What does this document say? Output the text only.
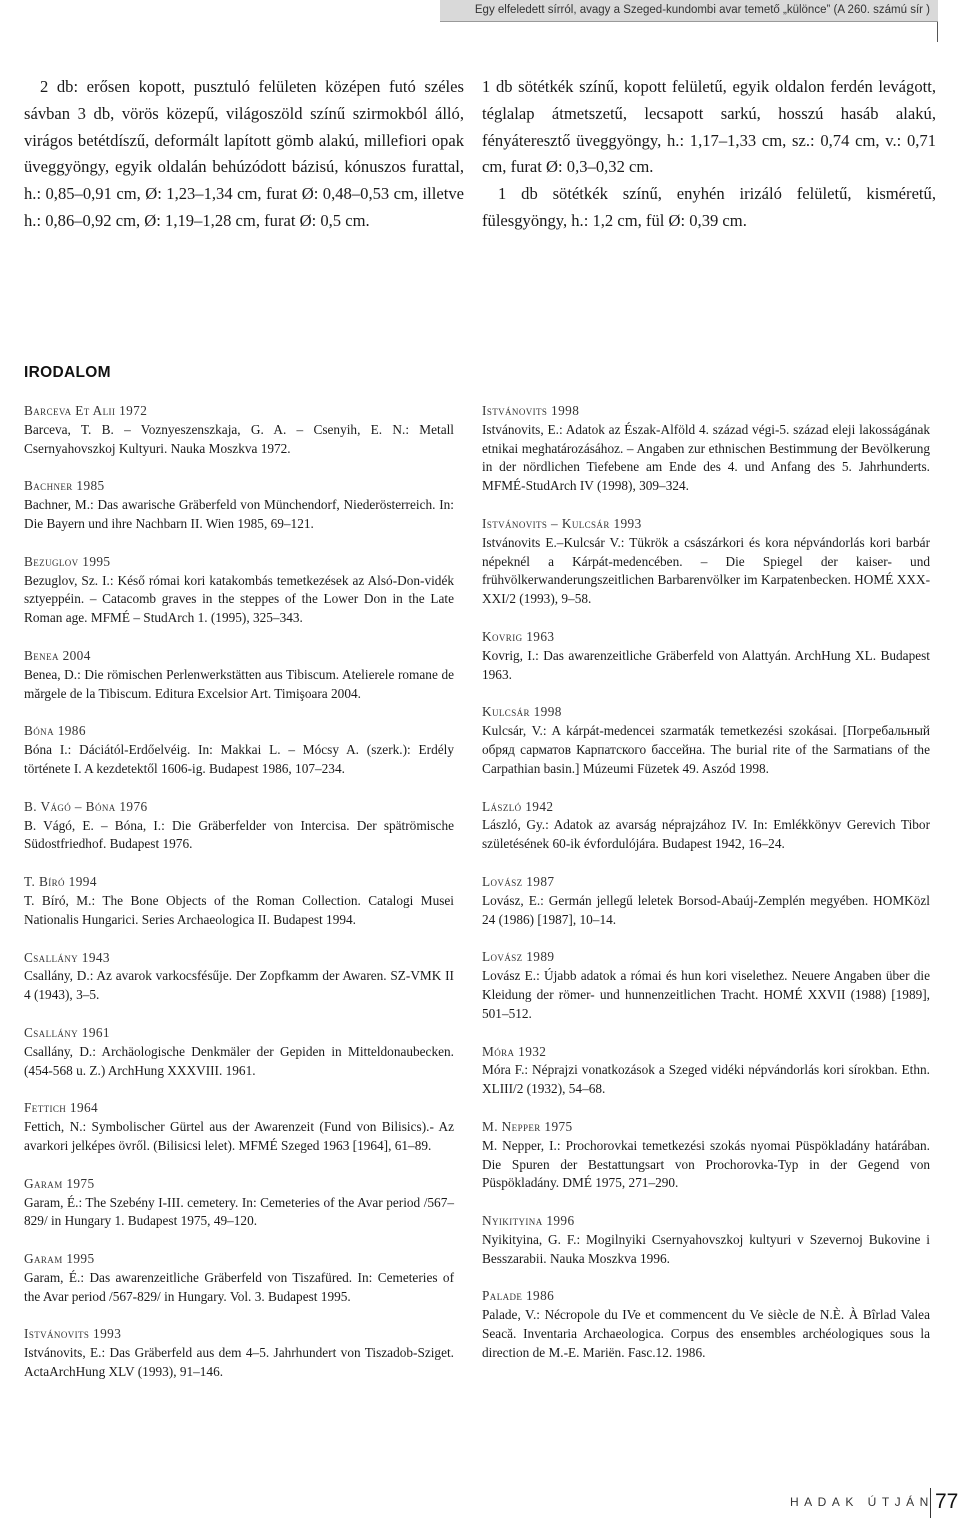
Egy elfeledett sírról, avagy a Szeged-kundombi avar temető „különce” (A 260. számú sír )

2 db: erősen kopott, pusztuló felületen középen futó széles sávban 3 db, vörös közepű, világoszöld színű szirmokból álló, virágos betétdíszű, deformált lapított gömb alakú, millefiori opak üveggyöngy, egyik oldalán behúzódott bázisú, kónuszos furattal, h.: 0,85–0,91 cm, Ø: 1,23–1,34 cm, furat Ø: 0,48–0,53 cm, illetve h.: 0,86–0,92 cm, Ø: 1,19–1,28 cm, furat Ø: 0,5 cm.

1 db sötétkék színű, kopott felületű, egyik oldalon ferdén levágott, téglalap átmetszetű, lecsapott sarkú, hosszú hasáb alakú, fényáteresztő üveggyöngy, h.: 1,17–1,33 cm, sz.: 0,74 cm, v.: 0,71 cm, furat Ø: 0,3–0,32 cm.

1 db sötétkék színű, enyhén irizáló felületű, kisméretű, fülesgyöngy, h.: 1,2 cm, fül Ø: 0,39 cm.

IRODALOM

Barceva Et Alii 1972

Barceva, T. B. – Voznyeszenszkaja, G. A. – Csenyih, E. N.: Metall Csernyahovszkoj Kultyuri. Nauka Moszkva 1972.

Bachner 1985

Bachner, M.: Das awarische Gräberfeld von Münchendorf, Niederösterreich. In: Die Bayern und ihre Nachbarn II. Wien 1985, 69–121.

Bezuglov 1995

Bezuglov, Sz. I.: Késő római kori katakombás temetkezések az Alsó-Don-vidék sztyeppéin. – Catacomb graves in the steppes of the Lower Don in the Late Roman age. MFMÉ – StudArch 1. (1995), 325–343.

Benea 2004

Benea, D.: Die römischen Perlenwerkstätten aus Tibiscum. Atelierele romane de mărgele de la Tibiscum. Editura Excelsior Art. Timişoara 2004.

Bóna 1986

Bóna I.: Dáciától-Erdőelvéig. In: Makkai L. – Mócsy A. (szerk.): Erdély története I. A kezdetektől 1606-ig. Budapest 1986, 107–234.

B. Vágó – Bóna 1976

B. Vágó, E. – Bóna, I.: Die Gräberfelder von Intercisa. Der spätrömische Südostfriedhof. Budapest 1976.

T. Bíró 1994

T. Bíró, M.: The Bone Objects of the Roman Collection. Catalogi Musei Nationalis Hungarici. Series Archaeologica II. Budapest 1994.

Csallány 1943

Csallány, D.: Az avarok varkocsfésűje. Der Zopfkamm der Awaren. SZ-VMK II 4 (1943), 3–5.

Csallány 1961

Csallány, D.: Archäologische Denkmäler der Gepiden in Mitteldonaubecken. (454-568 u. Z.) ArchHung XXXVIII. 1961.

Fettich 1964

Fettich, N.: Symbolischer Gürtel aus der Awarenzeit (Fund von Bilisics).- Az avarkori jelképes övről. (Bilisicsi lelet). MFMÉ Szeged 1963 [1964], 61–89.

Garam 1975

Garam, É.: The Szebény I-III. cemetery. In: Cemeteries of the Avar period /567–829/ in Hungary 1. Budapest 1975, 49–120.

Garam 1995

Garam, É.: Das awarenzeitliche Gräberfeld von Tiszafüred. In: Cemeteries of the Avar period /567-829/ in Hungary. Vol. 3. Budapest 1995.

Istvánovits 1993

Istvánovits, E.: Das Gräberfeld aus dem 4–5. Jahrhundert von Tiszadob-Sziget. ActaArchHung XLV (1993), 91–146.

Istvánovits 1998

Istvánovits, E.: Adatok az Észak-Alföld 4. század végi-5. század eleji lakosságának etnikai meghatározásához. – Angaben zur ethnischen Bestimmung der Bevölkerung in der nördlichen Tiefebene am Ende des 4. und Anfang des 5. Jahrhunderts. MFMÉ-StudArch IV (1998), 309–324.

Istvánovits – Kulcsár 1993

Istvánovits E.–Kulcsár V.: Tükrök a császárkori és kora népvándorlás kori barbár népeknél a Kárpát-medencében. – Die Spiegel der kaiser- und frühvölkerwanderungszeitlichen Barbarenvölker im Karpatenbecken. HOMÉ XXX-XXI/2 (1993), 9–58.

Kovrig 1963

Kovrig, I.: Das awarenzeitliche Gräberfeld von Alattyán. ArchHung XL. Budapest 1963.

Kulcsár 1998

Kulcsár, V.: A kárpát-medencei szarmaták temetkezési szokásai. [Погребальный обряд сарматов Карпатского бассейна. The burial rite of the Sarmatians of the Carpathian basin.] Múzeumi Füzetek 49. Aszód 1998.

László 1942

László, Gy.: Adatok az avarság néprajzához IV. In: Emlékkönyv Gerevich Tibor születésének 60-ik évfordulójára. Budapest 1942, 16–24.

Lovász 1987

Lovász, E.: Germán jellegű leletek Borsod-Abaúj-Zemplén megyében. HOMKözl 24 (1986) [1987], 10–14.

Lovász 1989

Lovász E.: Újabb adatok a római és hun kori viselethez. Neuere Angaben über die Kleidung der römer- und hunnenzeitlichen Tracht. HOMÉ XXVII (1988) [1989], 501–512.

Móra 1932

Móra F.: Néprajzi vonatkozások a Szeged vidéki népvándorlás kori sírokban. Ethn. XLIII/2 (1932), 54–68.

M. Nepper 1975

M. Nepper, I.: Prochorovkai temetkezési szokás nyomai Püspökladány határában. Die Spuren der Bestattungsart von Prochorovka-Typ in der Gegend von Püspökladány. DMÉ 1975, 271–290.

Nyikityina 1996

Nyikityina, G. F.: Mogilnyiki Csernyahovszkoj kultyuri v Szevernoj Bukovine i Besszarabii. Nauka Moszkva 1996.

Palade 1986

Palade, V.: Nécropole du IVe et commencent du Ve siècle de N.È. À Bîrlad Valea Seacă. Inventaria Archaeologica. Corpus des ensembles archéologiques sous la direction de M.-E. Mariën. Fasc.12. 1986.

HADAK ÚTJÁN 77
